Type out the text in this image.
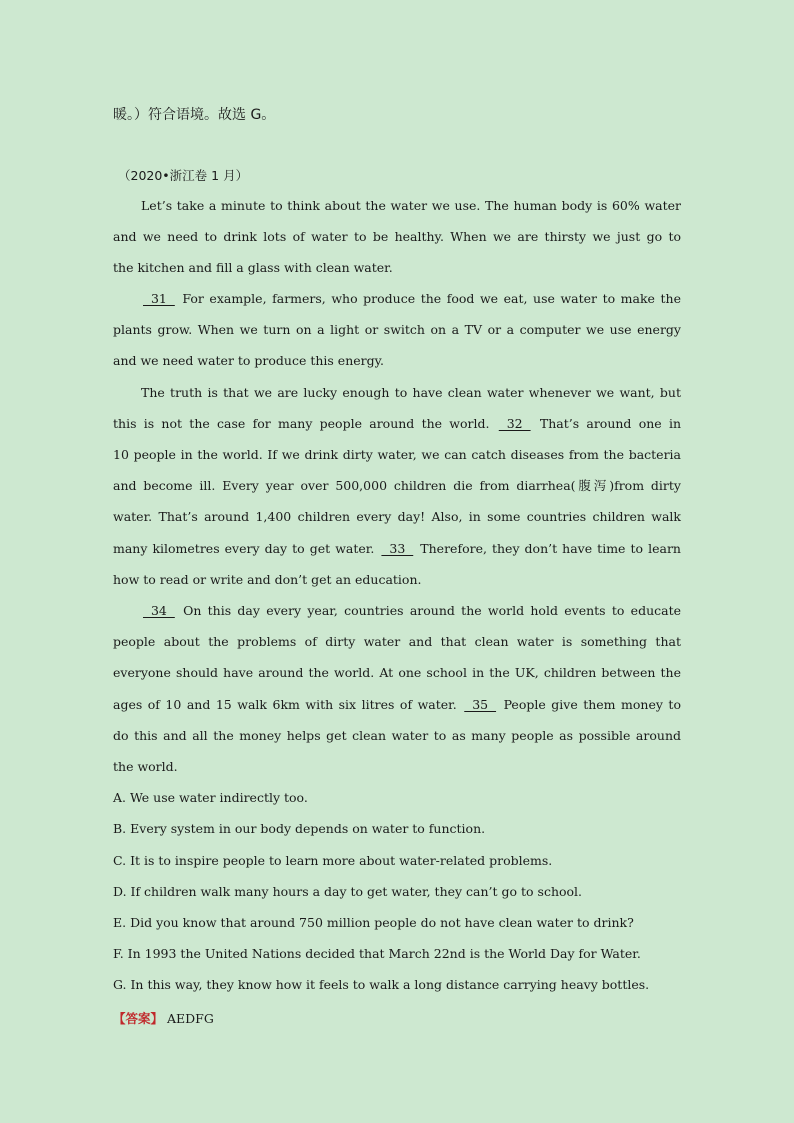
暖。）符合语境。故选 G。
（2020•浙江卷 1 月）
Let’s take a minute to think about the water we use. The human body is 60% water
and we need to drink lots of water to be healthy. When we are thirsty we just go to
the kitchen and fill a glass with clean water.
31   For example, farmers, who produce the food we eat, use water to make the
plants grow. When we turn on a light or switch on a TV or a computer we use energy
and we need water to produce this energy.
The truth is that we are lucky enough to have clean water whenever we want, but
this is not the case for many people around the world.   32   That’s around one in
10 people in the world. If we drink dirty water, we can catch diseases from the bacteria
and become ill. Every year over 500,000 children die from diarrhea(腹泻)from dirty
water. That’s around 1,400 children every day! Also, in some countries children walk
many kilometres every day to get water.   33   Therefore, they don’t have time to learn
how to read or write and don’t get an education.
34   On this day every year, countries around the world hold events to educate
people about the problems of dirty water and that clean water is something that
everyone should have around the world. At one school in the UK, children between the
ages of 10 and 15 walk 6km with six litres of water.   35   People give them money to
do this and all the money helps get clean water to as many people as possible around
the world.
A. We use water indirectly too.
B. Every system in our body depends on water to function.
C. It is to inspire people to learn more about water-related problems.
D. If children walk many hours a day to get water, they can’t go to school.
E. Did you know that around 750 million people do not have clean water to drink?
F. In 1993 the United Nations decided that March 22nd is the World Day for Water.
G. In this way, they know how it feels to walk a long distance carrying heavy bottles.
【答案】 AEDFG
